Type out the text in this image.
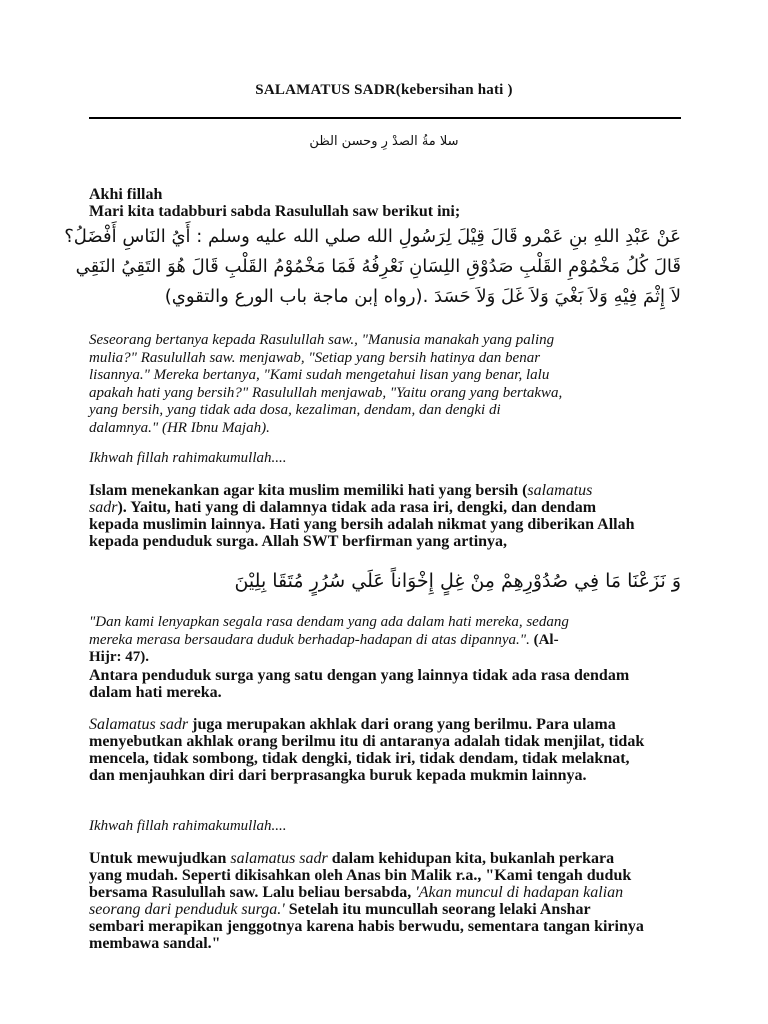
SALAMATUS SADR(kebersihan hati )
سلا مةُ الصدْ رِ وحسن الظن
Akhi fillah
Mari kita tadabburi sabda Rasulullah saw berikut ini;
عَنْ عَبْدِ اللهِ بنِ عَمْرو قَالَ قِيْلَ لِرَسُولِ الله صلي الله عليه وسلم : أَيُ النَاسِ أَفْضَلُ؟
قَالَ كُلُ مَخْمُوْمِ القَلْبِ صَدُوْقِ اللِسَانِ نَعْرِفُهُ فَمَا مَخْمُوْمُ القَلْبِ قَالَ هُوَ التَقِيُ النَقِي
لاَ إِثْمَ فِيْهِ وَلاَ بَغْيَ وَلاَ غَلَ وَلاَ حَسَدَ .(رواه إبن ماجة باب الورع والتقوي)
Seseorang bertanya kepada Rasulullah saw., "Manusia manakah yang paling
mulia?" Rasulullah saw. menjawab, "Setiap yang bersih hatinya dan benar
lisannya." Mereka bertanya, "Kami sudah mengetahui lisan yang benar, lalu
apakah hati yang bersih?" Rasulullah menjawab, "Yaitu orang yang bertakwa,
yang bersih, yang tidak ada dosa, kezaliman, dendam, dan dengki di
dalamnya." (HR Ibnu Majah).
Ikhwah fillah rahimakumullah....
Islam menekankan agar kita muslim memiliki hati yang bersih (salamatus
sadr). Yaitu, hati yang di dalamnya tidak ada rasa iri, dengki, dan dendam
kepada muslimin lainnya. Hati yang bersih adalah nikmat yang diberikan Allah
kepada penduduk surga. Allah SWT berfirman yang artinya,
وَ نَزَعْنَا مَا فِي صُدُوْرِهِمْ مِنْ غِلٍ إِخْوَاناً عَلَي سُرُرٍ مُتَقَا بِلِيْنَ
"Dan kami lenyapkan segala rasa dendam yang ada dalam hati mereka, sedang
mereka merasa bersaudara duduk berhadap-hadapan di atas dipannya.". (Al-
Hijr: 47).
Antara penduduk surga yang satu dengan yang lainnya tidak ada rasa dendam
dalam hati mereka.
Salamatus sadr juga merupakan akhlak dari orang yang berilmu. Para ulama
menyebutkan akhlak orang berilmu itu di antaranya adalah tidak menjilat, tidak
mencela, tidak sombong, tidak dengki, tidak iri, tidak dendam, tidak melaknat,
dan menjauhkan diri dari berprasangka buruk kepada mukmin lainnya.
Ikhwah fillah rahimakumullah....
Untuk mewujudkan salamatus sadr dalam kehidupan kita, bukanlah perkara
yang mudah. Seperti dikisahkan oleh Anas bin Malik r.a., "Kami tengah duduk
bersama Rasulullah saw. Lalu beliau bersabda, 'Akan muncul di hadapan kalian
seorang dari penduduk surga.' Setelah itu muncullah seorang lelaki Anshar
sembari merapikan jenggotnya karena habis berwudu, sementara tangan kirinya
membawa sandal."
